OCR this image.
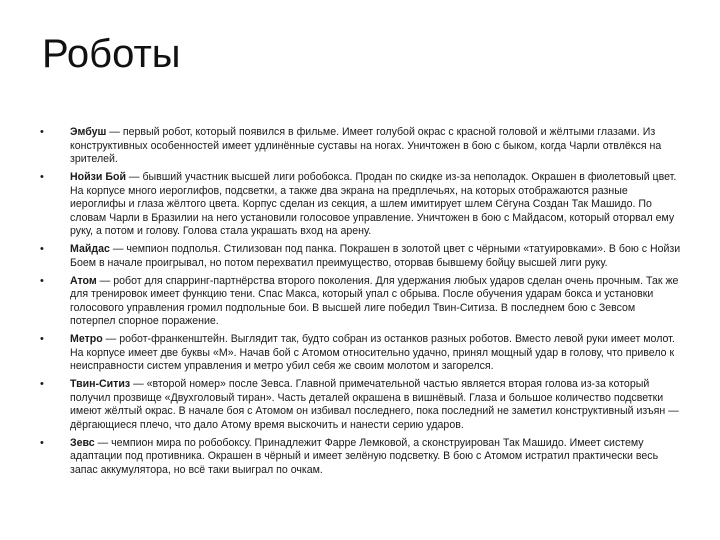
Роботы
• Эмбуш — первый робот, который появился в фильме. Имеет голубой окрас с красной головой и жёлтыми глазами. Из конструктивных особенностей имеет удлинённые суставы на ногах. Уничтожен в бою с быком, когда Чарли отвлёкся на зрителей.
• Нойзи Бой — бывший участник высшей лиги робобокса. Продан по скидке из-за неполадок. Окрашен в фиолетовый цвет. На корпусе много иероглифов, подсветки, а также два экрана на предплечьях, на которых отображаются разные иероглифы и глаза жёлтого цвета. Корпус сделан из секция, а шлем имитирует шлем Сёгуна Создан Так Машидо. По словам Чарли в Бразилии на него установили голосовое управление. Уничтожен в бою с Майдасом, который оторвал ему руку, а потом и голову. Голова стала украшать вход на арену.
• Майдас — чемпион подполья. Стилизован под панка. Покрашен в золотой цвет с чёрными «татуировками». В бою с Нойзи Боем в начале проигрывал, но потом перехватил преимущество, оторвав бывшему бойцу высшей лиги руку.
• Атом — робот для спарринг-партнёрства второго поколения. Для удержания любых ударов сделан очень прочным. Так же для тренировок имеет функцию тени. Спас Макса, который упал с обрыва. После обучения ударам бокса и установки голосового управления громил подпольные бои. В высшей лиге победил Твин-Ситиза. В последнем бою с Зевсом потерпел спорное поражение.
• Метро — робот-франкенштейн. Выглядит так, будто собран из останков разных роботов. Вместо левой руки имеет молот. На корпусе имеет две буквы «М». Начав бой с Атомом относительно удачно, принял мощный удар в голову, что привело к неисправности систем управления и метро убил себя же своим молотом и загорелся.
• Твин-Ситиз — «второй номер» после Зевса. Главной примечательной частью является вторая голова из-за который получил прозвище «Двухголовый тиран». Часть деталей окрашена в вишнёвый. Глаза и большое количество подсветки имеют жёлтый окрас. В начале боя с Атомом он избивал последнего, пока последний не заметил конструктивный изъян — дёргающиеся плечо, что дало Атому время выскочить и нанести серию ударов.
• Зевс — чемпион мира по робобоксу. Принадлежит Фарре Лемковой, а сконструирован Так Машидо. Имеет систему адаптации под противника. Окрашен в чёрный и имеет зелёную подсветку. В бою с Атомом истратил практически весь запас аккумулятора, но всё таки выиграл по очкам.
